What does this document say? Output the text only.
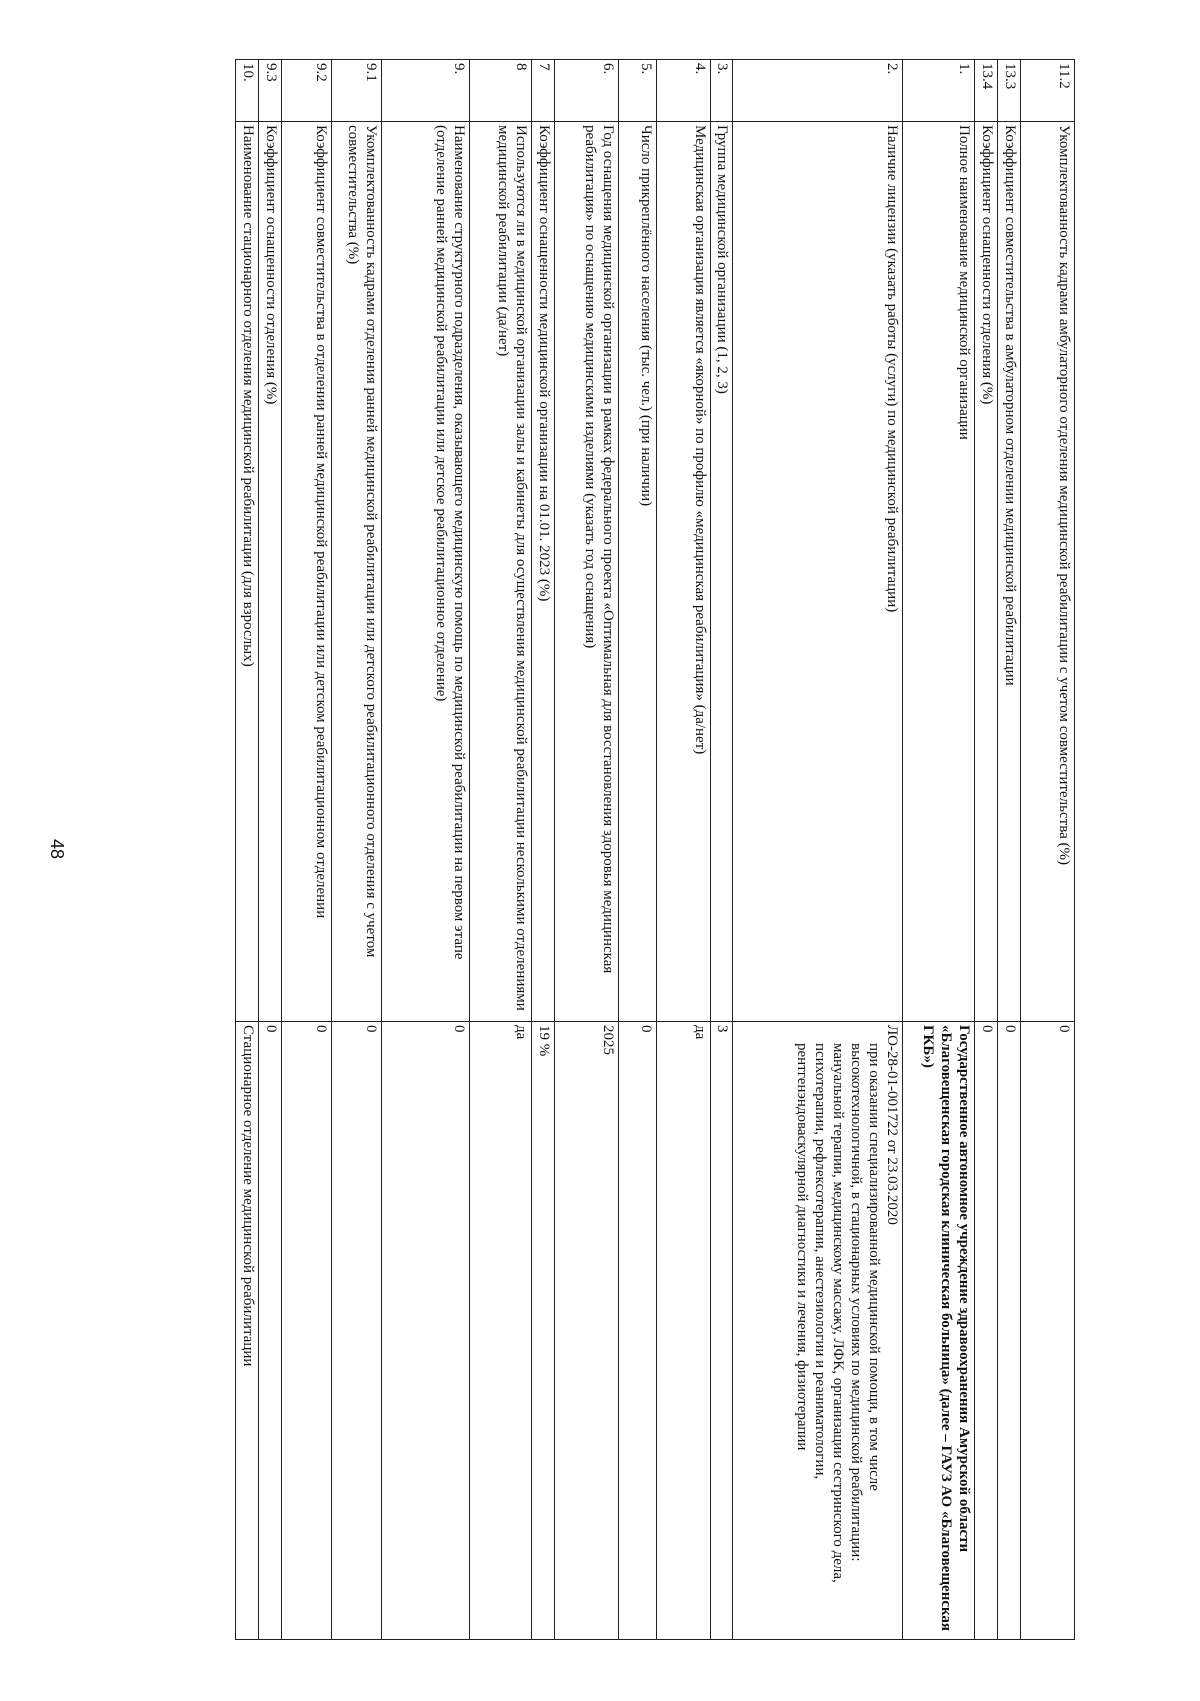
11.2	Укомплектованность кадрами амбулаторного отделения медицинской реабилитации с учетом совместительства (%)	0
13.3	Коэффициент совместительства в амбулаторном отделении медицинской реабилитации	0
13.4	Коэффициент оснащенности отделения (%)	0
1.	Полное наименование медицинской организации	Государственное автономное учреждение здравоохранения Амурской области «Благовещенская городская клиническая больница» (далее – ГАУЗ АО «Благовещенская ГКБ»)
2.	Наличие лицензии (указать работы (услуги) по медицинской реабилитации)	ЛО-28-01-001722 от 23.03.2020
при оказании специализированной медицинской помощи, в том числе высокотехнологичной, в стационарных условиях по медицинской реабилитации: мануальной терапии, медицинскому массажу, ЛФК, организации сестринского дела, психотерапии, рефлексотерапии, анестезиологии и реаниматологии, рентгенэндоваскулярной диагностики и лечения, физиотерапии

3.	Группа медицинской организации (1, 2, 3)	3
4.	Медицинская организация является «якорной» по профилю «медицинская реабилитация» (да/нет)	да
5.	Число прикреплённого населения (тыс. чел.) (при наличии)	0
6.	Год оснащения медицинской организации в рамках федерального проекта «Оптимальная для восстановления здоровья медицинская реабилитация» по оснащению медицинскими изделиями (указать год оснащения)	2025
7	Коэффициент оснащенности медицинской организации на 01.01. 2023 (%)	19 %
8	Используются ли в медицинской организации залы и кабинеты для осуществления медицинской реабилитации несколькими отделениями медицинской реабилитации (да/нет)	да
9.	Наименование структурного подразделения, оказывающего медицинскую помощь по медицинской реабилитации на первом этапе (отделение ранней медицинской реабилитации или детское реабилитационное отделение)	0
9.1	Укомплектованность кадрами отделения ранней медицинской реабилитации или детского реабилитационного отделения с учетом совместительства (%)	0
9.2	Коэффициент совместительства в отделении ранней медицинской реабилитации или детском реабилитационном отделении	0
9.3	Коэффициент оснащенности отделения (%)	0
10.	Наименование стационарного отделения медицинской реабилитации (для взрослых)	Стационарное отделение медицинской реабилитации
48
